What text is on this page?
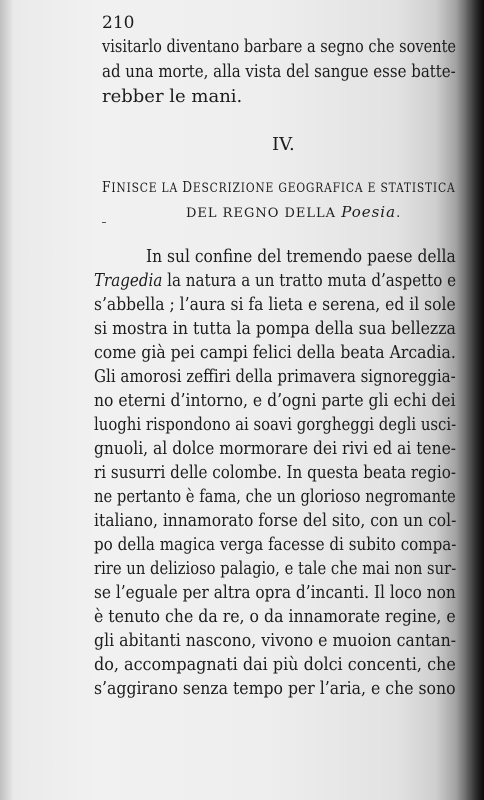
210
visitarlo diventano barbare a segno che sovente
ad una morte, alla vista del sangue esse batte-
rebber le mani.
IV.
FINISCE LA DESCRIZIONE GEOGRAFICA E STATISTICA
DEL REGNO DELLA Poesia.
In sul confine del tremendo paese della
Tragedia la natura a un tratto muta d’aspetto e
s’abbella ; l’aura si fa lieta e serena, ed il sole
si mostra in tutta la pompa della sua bellezza
come già pei campi felici della beata Arcadia.
Gli amorosi zeffiri della primavera signoreggia-
no eterni d’intorno, e d’ogni parte gli echi dei
luoghi rispondono ai soavi gorgheggi degli usci-
gnuoli, al dolce mormorare dei rivi ed ai tene-
ri susurri delle colombe. In questa beata regio-
ne pertanto è fama, che un glorioso negromante
italiano, innamorato forse del sito, con un col-
po della magica verga facesse di subito compa-
rire un delizioso palagio, e tale che mai non sur-
se l’eguale per altra opra d’incanti. Il loco non
è tenuto che da re, o da innamorate regine, e
gli abitanti nascono, vivono e muoion cantan-
do, accompagnati dai più dolci concenti, che
s’aggirano senza tempo per l’aria, e che sono
